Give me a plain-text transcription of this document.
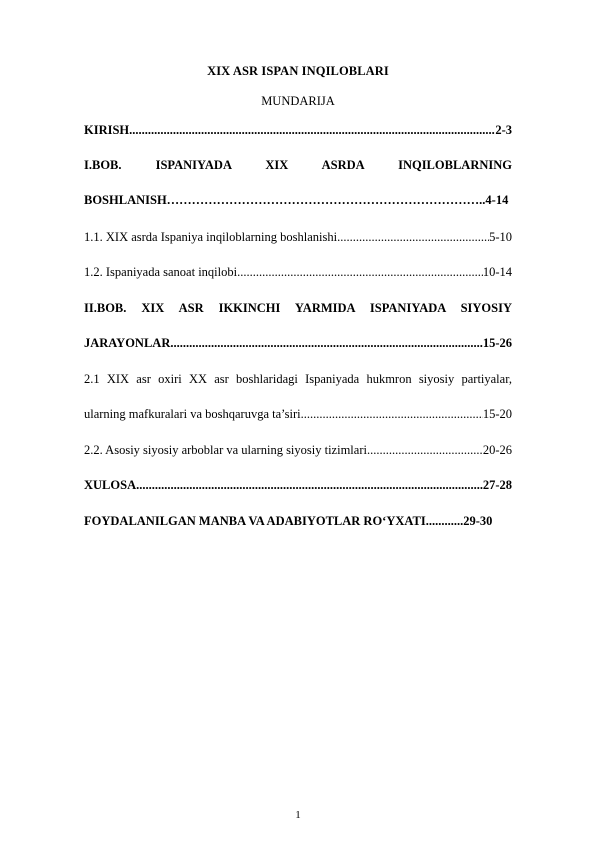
XIX ASR ISPAN INQILOBLARI
MUNDARIJA
KIRISH .....	2-3
I.BOB. ISPANIYADA XIX ASRDA INQILOBLARNING
BOSHLANISH…………………………………………………………………..4-14
1.1. XIX asrda Ispaniya inqiloblarning boshlanishi .....	5-10
1.2. Ispaniyada sanoat inqilobi .....	10-14
II.BOB. XIX ASR IKKINCHI YARMIDA ISPANIYADA SIYOSIY
JARAYONLAR .....	15-26
2.1 XIX asr oxiri XX asr boshlaridagi Ispaniyada hukmron siyosiy partiyalar,
ularning mafkuralari va boshqaruvga ta’siri .....	15-20
2.2. Asosiy siyosiy arboblar va ularning siyosiy tizimlari .....	20-26
XULOSA .....	27-28
FOYDALANILGAN MANBA VA ADABIYOTLAR RO‘YXATI............29-30
1
